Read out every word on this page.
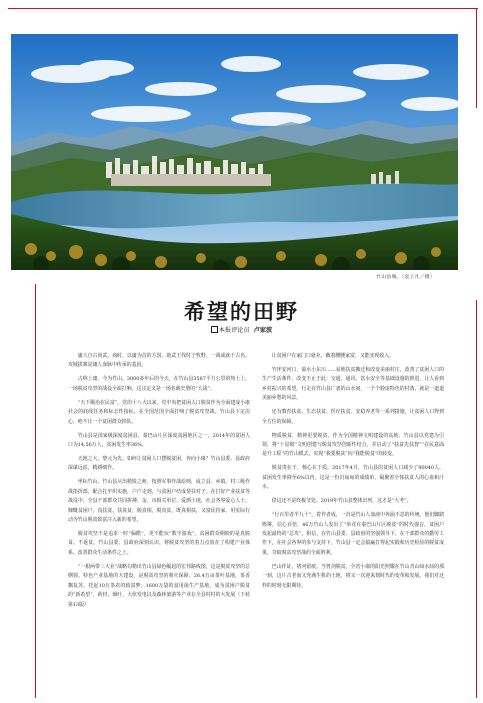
竹山县城。（袁子凡／摄）
希望的田野
本报评论员 卢家波

庸人自古尚武。商时，以庸为首的方国，助武王伐纣于牧野，一战成就千古名。攻城拔寨是庸人血脉中传承的基因。

古称上庸，今为竹山。3000多年后的今天，在竹山县3587平方公里的热土上，一场脱贫攻坚的战役全面打响，这注定又是一场名载史册的“大战”。

“天下顺治在民富”。党的十八大以来，党中央把贫困人口脱贫作为全面建成小康社会的底线任务和标志性指标，在全国范围全面打响了脱贫攻坚战。竹山县下定决心，绝不让一个贫困群众掉队。

竹山县是国家级深度贫困县，秦巴山片区深度贫困地区之一，2014年的贫困人口为14.56万人，贫困发生率36%。

天地之大，黎元为先。如何让贫困人口摆脱贫困，奔向小康？竹山县委、县政府深谋远虑，精耕细作。

坐标竹山，竹山县尽出精锐之师，按照军事作战原则，成立县、乡镇、村三级作战指挥部，配合扎牢织实施，户户走到，与贫困户结成帮扶对子。在打好产业扶贫等战役中，全县干部群众共同拼搏，金、市相关单位、爱洒土地，社会各界爱心人士、慷慨贫困户，真扶贫、扶真贫，脱真相，脱真贫，既真相扶，又富民持家，用实际行动为竹山脱贫致富注入新的希望。

脱贫攻坚不是追求一时“偏酷”，更不能玩“数字游戏”。贫困群众期盼的是真脱贫、不返贫。竹山县委、县政府深刻认识，将脱贫攻坚的着力点放在了构建产业体系、改善群众生活条件之上。

“一根两带三大业”战略勾勒出竹山县绿色崛起的宏伟路线图，这是脱贫攻坚的总纲领。特色产业基地的大建设，是脱贫攻坚的刹火保障。26.4万亩茶叶基地，茶香飘复苏，托起10万茶农的致富梦；1600万袋的食用菌生产基地，成为贫困户脱贫的“新希望”，药材、烟叶、大伙发电以及森林旅游等产业在全县村村的大发展（下转第13版）

让贫困户在家门口就业，敞着腰腰家富，又能实现收入。

竹坪安河口，溢水小东川……易地扶贫搬迁和改变美丽村庄，改善了贫困人口的生产生活条件。改变不止于此：交通、通讯、饮水安全等基础设施的推进，让人看到乡村振兴的希望。行走在竹山县广袤的山水间，一个个脸庞特色的村落，就是一道道美丽乡愁的风景。

还有教育扶贫、生态扶贫、医疗扶贫、安稳养老等一系列措施，让贫困人口得到全方位的保障。

物质脱贫，精神更要脱贫。作为全国精神文明建设的高地，竹山县以党建为引领，将“十星级”文明创建与脱贫攻坚创新性结合，并启动了“扶贫先扶智”“在民意面是升工程”的竹山模式，实现“我要脱贫”向“我能脱贫”的转变。

脱贫贵在干，核心在于质。2017年4月，竹山县的贫困人口减少了90040人，贫困发生率降至6%以内。这是一份沉甸甸的成绩单，凝聚着全体扶贫人的心血和汗水。

供这还不是终极节处。2019年竹山县整体出列，这才是“大考”。

“行百里者半九十”。着作者成，一直是竹山人血液中奔涌不息的传统，他们脚踏铿锵，信心百倍，46万竹山人发出了“举竞在秦巴山片区脱贫”的时代强音，贫困户发起最终的“总攻”。相信，在竹山县委、县政府的坚强领导下，在干部群众的勤劳工作下，在社会各界的参与支持下，竹山县一定会搞赢打得起实践和历史检验的脱贫成果，夺取脱贫攻坚战的全面胜利。

巴山作证，堵河留痕。当曾剑脱贫，全省小康的阳光照耀在竹山青山绿水间的那一刻，这片古老而又充满生机的土地，将又一次迎来划时代的变革和发展。我们对这样的时刻无限期待。
